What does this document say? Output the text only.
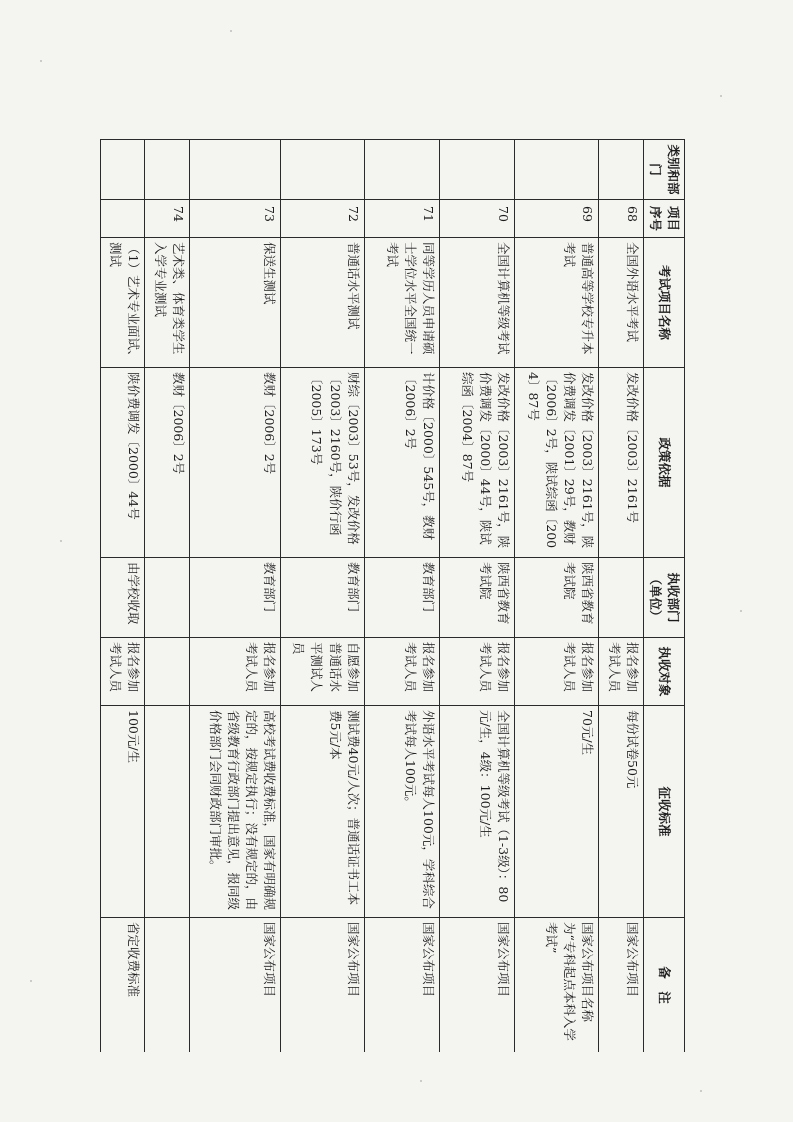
类别和部门	项目序号	考试项目名称	政策依据	执收部门（单位）	执收对象	征收标准	备　注
	68	全国外语水平考试	发改价格〔2003〕2161号		报名参加考试人员	每份试卷50元	国家公布项目
	69	普通高等学校专升本考试	发改价格〔2003〕2161号，陕价费调发〔2001〕29号，教财〔2006〕2号，陕试综函〔2004〕87号	陕西省教育考试院	报名参加考试人员	70元/生	国家公布项目名称为“专科起点本科入学考试”
	70	全国计算机等级考试	发改价格〔2003〕2161号，陕价费调发〔2000〕44号，陕试综函〔2004〕87号	陕西省教育考试院	报名参加考试人员	全国计算机等级考试（1-3级）：80元/生，4级：100元/生	国家公布项目
	71	同等学历人员申请硕士学位水平全国统一考试	计价格〔2000〕545号，教财〔2006〕2号	教育部门	报名参加考试人员	外语水平考试每人100元，学科综合考试每人100元。	国家公布项目
	72	普通话水平测试	财综〔2003〕53号，发改价格〔2003〕2160号，陕价行函〔2005〕173号	教育部门	自愿参加普通话水平测试人员	测试费40元/人次；普通话证书工本费5元/本	国家公布项目
	73	保送生测试	教财〔2006〕2号	教育部门	报名参加考试人员	高校考试费收费标准，国家有明确规定的，按规定执行；没有规定的，由省级教育行政部门提出意见，报同级价格部门会同财政部门审批。	国家公布项目
	74	艺术类、体育类学生入学专业测试	教财〔2006〕2号				
		（1）艺术专业面试、测试	陕价费调发〔2000〕44号	由学校收取	报名参加考试人员	100元/生	省定收费标准
